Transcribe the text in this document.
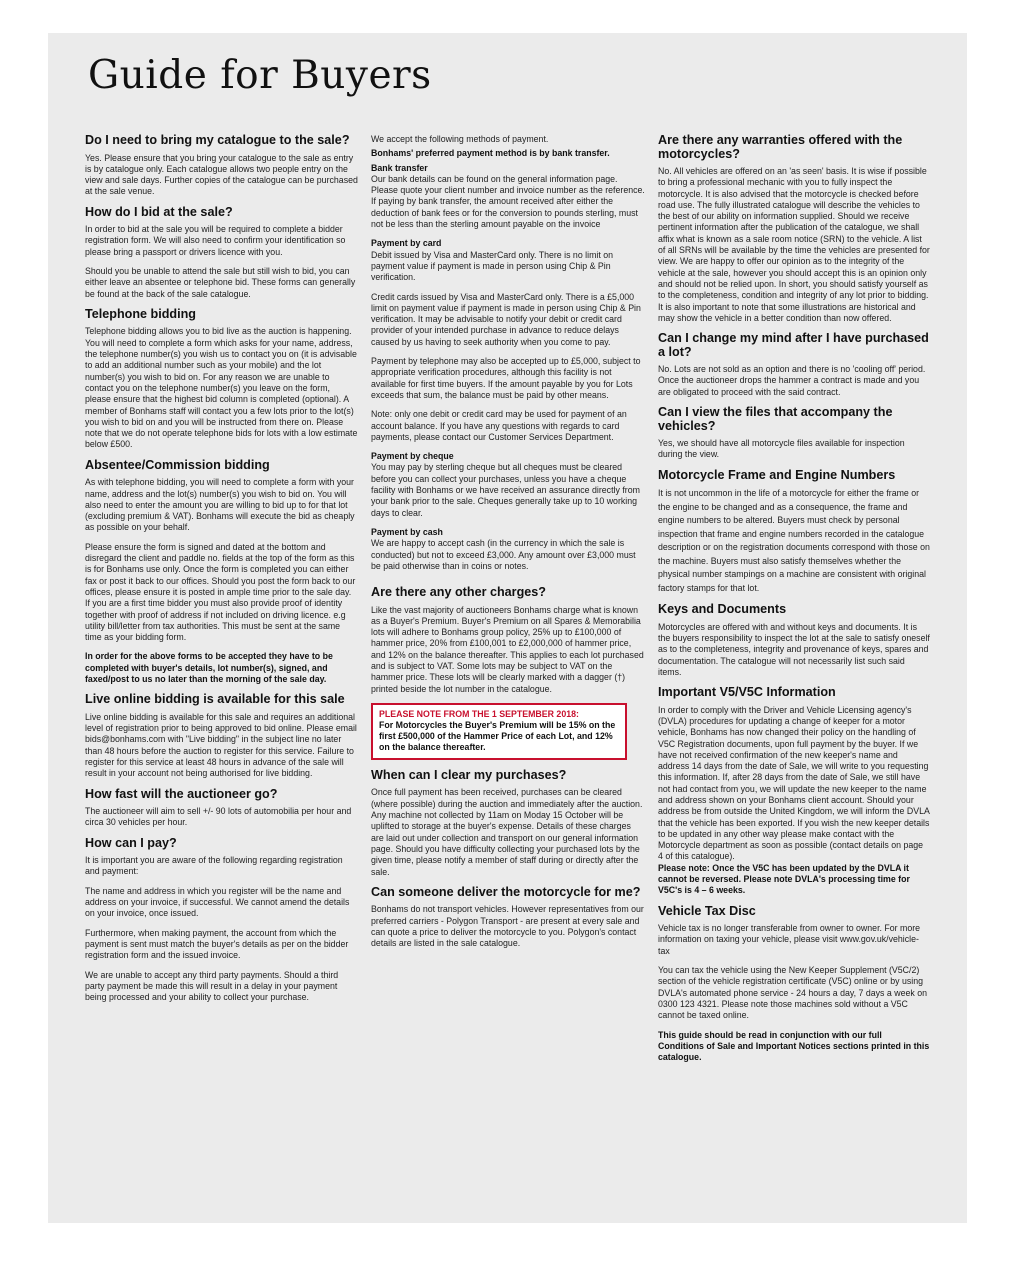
Guide for Buyers
Do I need to bring my catalogue to the sale?

Yes. Please ensure that you bring your catalogue to the sale as entry is by catalogue only. Each catalogue allows two people entry on the view and sale days. Further copies of the catalogue can be purchased at the sale venue.

How do I bid at the sale?

In order to bid at the sale you will be required to complete a bidder registration form. We will also need to confirm your identification so please bring a passport or drivers licence with you.

Should you be unable to attend the sale but still wish to bid, you can either leave an absentee or telephone bid. These forms can generally be found at the back of the sale catalogue.

Telephone bidding

Telephone bidding allows you to bid live as the auction is happening. You will need to complete a form which asks for your name, address, the telephone number(s) you wish us to contact you on (it is advisable to add an additional number such as your mobile) and the lot number(s) you wish to bid on. For any reason we are unable to contact you on the telephone number(s) you leave on the form, please ensure that the highest bid column is completed (optional). A member of Bonhams staff will contact you a few lots prior to the lot(s) you wish to bid on and you will be instructed from there on. Please note that we do not operate telephone bids for lots with a low estimate below £500.

Absentee/Commission bidding

As with telephone bidding, you will need to complete a form with your name, address and the lot(s) number(s) you wish to bid on. You will also need to enter the amount you are willing to bid up to for that lot (excluding premium & VAT). Bonhams will execute the bid as cheaply as possible on your behalf.

Please ensure the form is signed and dated at the bottom and disregard the client and paddle no. fields at the top of the form as this is for Bonhams use only. Once the form is completed you can either fax or post it back to our offices. Should you post the form back to our offices, please ensure it is posted in ample time prior to the sale day. If you are a first time bidder you must also provide proof of identity together with proof of address if not included on driving licence. e.g utility bill/letter from tax authorities. This must be sent at the same time as your bidding form.

In order for the above forms to be accepted they have to be completed with buyer's details, lot number(s), signed, and faxed/post to us no later than the morning of the sale day.

Live online bidding is available for this sale

Live online bidding is available for this sale and requires an additional level of registration prior to being approved to bid online. Please email bids@bonhams.com with "Live bidding" in the subject line no later than 48 hours before the auction to register for this service. Failure to register for this service at least 48 hours in advance of the sale will result in your account not being authorised for live bidding.

How fast will the auctioneer go?

The auctioneer will aim to sell +/- 90 lots of automobilia per hour and circa 30 vehicles per hour.

How can I pay?

It is important you are aware of the following regarding registration and payment:

The name and address in which you register will be the name and address on your invoice, if successful. We cannot amend the details on your invoice, once issued.

Furthermore, when making payment, the account from which the payment is sent must match the buyer's details as per on the bidder registration form and the issued invoice.

We are unable to accept any third party payments. Should a third party payment be made this will result in a delay in your payment being processed and your ability to collect your purchase.

We accept the following methods of payment.

Bonhams' preferred payment method is by bank transfer.

Bank transfer

Our bank details can be found on the general information page. Please quote your client number and invoice number as the reference. If paying by bank transfer, the amount received after either the deduction of bank fees or for the conversion to pounds sterling, must not be less than the sterling amount payable on the invoice

Payment by card

Debit issued by Visa and MasterCard only. There is no limit on payment value if payment is made in person using Chip & Pin verification.

Credit cards issued by Visa and MasterCard only. There is a £5,000 limit on payment value if payment is made in person using Chip & Pin verification. It may be advisable to notify your debit or credit card provider of your intended purchase in advance to reduce delays caused by us having to seek authority when you come to pay.

Payment by telephone may also be accepted up to £5,000, subject to appropriate verification procedures, although this facility is not available for first time buyers. If the amount payable by you for Lots exceeds that sum, the balance must be paid by other means.

Note: only one debit or credit card may be used for payment of an account balance. If you have any questions with regards to card payments, please contact our Customer Services Department.

Payment by cheque

You may pay by sterling cheque but all cheques must be cleared before you can collect your purchases, unless you have a cheque facility with Bonhams or we have received an assurance directly from your bank prior to the sale. Cheques generally take up to 10 working days to clear.

Payment by cash

We are happy to accept cash (in the currency in which the sale is conducted) but not to exceed £3,000. Any amount over £3,000 must be paid otherwise than in coins or notes.

Are there any other charges?

Like the vast majority of auctioneers Bonhams charge what is known as a Buyer's Premium. Buyer's Premium on all Spares & Memorabilia lots will adhere to Bonhams group policy, 25% up to £100,000 of hammer price, 20% from £100,001 to £2,000,000 of hammer price, and 12% on the balance thereafter. This applies to each lot purchased and is subject to VAT. Some lots may be subject to VAT on the hammer price. These lots will be clearly marked with a dagger (†) printed beside the lot number in the catalogue.

PLEASE NOTE FROM THE 1 SEPTEMBER 2018:
For Motorcycles the Buyer's Premium will be 15% on the first £500,000 of the Hammer Price of each Lot, and 12% on the balance thereafter.
When can I clear my purchases?

Once full payment has been received, purchases can be cleared (where possible) during the auction and immediately after the auction. Any machine not collected by 11am on Moday 15 October will be uplifted to storage at the buyer's expense. Details of these charges are laid out under collection and transport on our general information page. Should you have difficulty collecting your purchased lots by the given time, please notify a member of staff during or directly after the sale.

Can someone deliver the motorcycle for me?

Bonhams do not transport vehicles. However representatives from our preferred carriers - Polygon Transport - are present at every sale and can quote a price to deliver the motorcycle to you. Polygon's contact details are listed in the sale catalogue.

Are there any warranties offered with the motorcycles?

No. All vehicles are offered on an 'as seen' basis. It is wise if possible to bring a professional mechanic with you to fully inspect the motorcycle. It is also advised that the motorcycle is checked before road use. The fully illustrated catalogue will describe the vehicles to the best of our ability on information supplied. Should we receive pertinent information after the publication of the catalogue, we shall affix what is known as a sale room notice (SRN) to the vehicle. A list of all SRNs will be available by the time the vehicles are presented for view. We are happy to offer our opinion as to the integrity of the vehicle at the sale, however you should accept this is an opinion only and should not be relied upon. In short, you should satisfy yourself as to the completeness, condition and integrity of any lot prior to bidding. It is also important to note that some illustrations are historical and may show the vehicle in a better condition than now offered.

Can I change my mind after I have purchased a lot?

No. Lots are not sold as an option and there is no 'cooling off' period. Once the auctioneer drops the hammer a contract is made and you are obligated to proceed with the said contract.

Can I view the files that accompany the vehicles?

Yes, we should have all motorcycle files available for inspection during the view.

Motorcycle Frame and Engine Numbers

It is not uncommon in the life of a motorcycle for either the frame or the engine to be changed and as a consequence, the frame and engine numbers to be altered. Buyers must check by personal inspection that frame and engine numbers recorded in the catalogue description or on the registration documents correspond with those on the machine. Buyers must also satisfy themselves whether the physical number stampings on a machine are consistent with original factory stamps for that lot.

Keys and Documents

Motorcycles are offered with and without keys and documents. It is the buyers responsibility to inspect the lot at the sale to satisfy oneself as to the completeness, integrity and provenance of keys, spares and documentation. The catalogue will not necessarily list such said items.

Important V5/V5C Information

In order to comply with the Driver and Vehicle Licensing agency's (DVLA) procedures for updating a change of keeper for a motor vehicle, Bonhams has now changed their policy on the handling of V5C Registration documents, upon full payment by the buyer. If we have not received confirmation of the new keeper's name and address 14 days from the date of Sale, we will write to you requesting this information. If, after 28 days from the date of Sale, we still have not had contact from you, we will update the new keeper to the name and address shown on your Bonhams client account. Should your address be from outside the United Kingdom, we will inform the DVLA that the vehicle has been exported. If you wish the new keeper details to be updated in any other way please make contact with the Motorcycle department as soon as possible (contact details on page 4 of this catalogue).

Please note: Once the V5C has been updated by the DVLA it cannot be reversed. Please note DVLA's processing time for V5C's is 4 – 6 weeks.

Vehicle Tax Disc

Vehicle tax is no longer transferable from owner to owner. For more information on taxing your vehicle, please visit www.gov.uk/vehicle-tax

You can tax the vehicle using the New Keeper Supplement (V5C/2) section of the vehicle registration certificate (V5C) online or by using DVLA's automated phone service - 24 hours a day, 7 days a week on 0300 123 4321. Please note those machines sold without a V5C cannot be taxed online.

This guide should be read in conjunction with our full Conditions of Sale and Important Notices sections printed in this catalogue.
